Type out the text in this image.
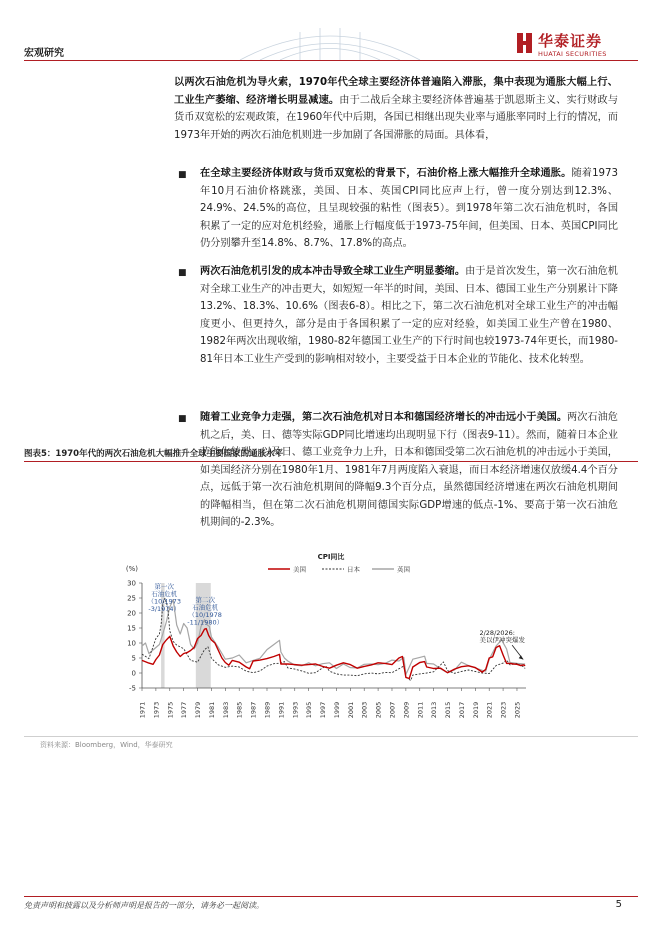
宏观研究
华泰证券
HUATAI SECURITIES
以两次石油危机为导火索，1970年代全球主要经济体普遍陷入滞胀，集中表现为通胀大幅上行、工业生产萎缩、经济增长明显减速。由于二战后全球主要经济体普遍基于凯恩斯主义、实行财政与货币双宽松的宏观政策，在1960年代中后期，各国已相继出现失业率与通胀率同时上行的情况，而1973年开始的两次石油危机则进一步加剧了各国滞胀的局面。具体看，
■ 在全球主要经济体财政与货币双宽松的背景下，石油价格上涨大幅推升全球通胀。随着1973年10月石油价格跳涨，美国、日本、英国CPI同比应声上行，曾一度分别达到12.3%、24.9%、24.5%的高位，且呈现较强的粘性（图表5）。到1978年第二次石油危机时，各国积累了一定的应对危机经验，通胀上行幅度低于1973-75年间，但美国、日本、英国CPI同比仍分别攀升至14.8%、8.7%、17.8%的高点。
■ 两次石油危机引发的成本冲击导致全球工业生产明显萎缩。由于是首次发生，第一次石油危机对全球工业生产的冲击更大，如短短一年半的时间，美国、日本、德国工业生产分别累计下降13.2%、18.3%、10.6%（图表6-8）。相比之下，第二次石油危机对全球工业生产的冲击幅度更小、但更持久，部分是由于各国积累了一定的应对经验，如美国工业生产曾在1980、1982年两次出现收缩，1980-82年德国工业生产的下行时间也较1973-74年更长，而1980-81年日本工业生产受到的影响相对较小，主要受益于日本企业的节能化、技术化转型。
■ 随着工业竞争力走强，第二次石油危机对日本和德国经济增长的冲击远小于美国。两次石油危机之后，美、日、德等实际GDP同比增速均出现明显下行（图表9-11）。然而，随着日本企业节能化转型、以及日、德工业竞争力上升，日本和德国受第二次石油危机的冲击远小于美国，如美国经济分别在1980年1月、1981年7月两度陷入衰退，而日本经济增速仅放缓4.4个百分点，远低于第一次石油危机期间的降幅9.3个百分点，虽然德国经济增速在两次石油危机期间的降幅相当，但在第二次石油危机期间德国实际GDP增速的低点-1%、要高于第一次石油危机期间的-2.3%。
图表5：1970年代的两次石油危机大幅推升全球主要国家的通胀水平
-5
0
5
10
15
20
25
30
(%)
1971 1973 1975 1977 1979 1981 1983 1985 1987 1989 1991 1993 1995 1997 1999 2001 2003 2005 2007 2009 2011 2013 2015 2017 2019 2021 2023 2025
CPI同比
美国	日本	英国
第一次
石油危机
（10/1973
-3/1974）
第二次
石油危机
（10/1978
-11/1980）
2/28/2026:
美以伊冲突爆发
资料来源：Bloomberg，Wind，华泰研究
免责声明和披露以及分析师声明是报告的一部分，请务必一起阅读。	5
